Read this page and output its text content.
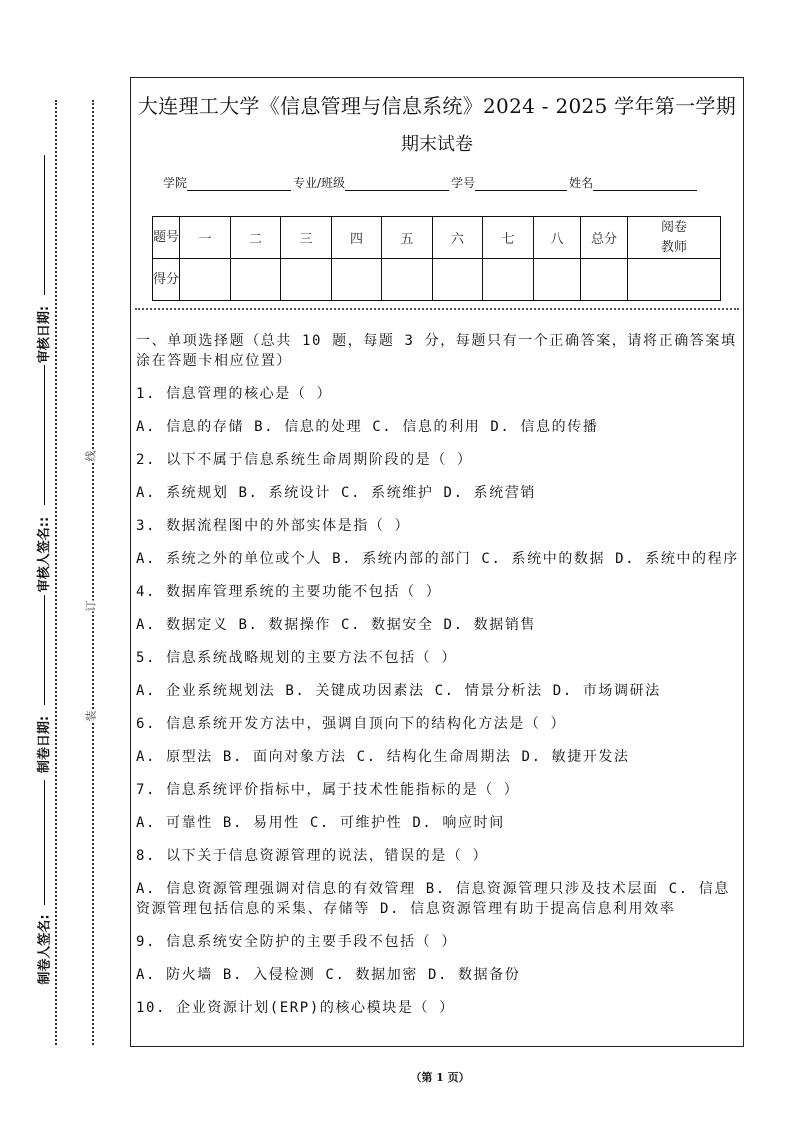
制卷人签名:
制卷日期:
审核人签名::
审核日期:
装
订
线
大连理工大学《信息管理与信息系统》2024 - 2025 学年第一学期
期末试卷
学院	专业/班级	学号	姓名
题号	一	二	三	四	五	六	七	八	总分	阅卷教师
得分										

一、单项选择题（总共 10 题，每题 3 分，每题只有一个正确答案，请将正确答案填涂在答题卡相应位置）

1. 信息管理的核心是（ ）

A. 信息的存储 B. 信息的处理 C. 信息的利用 D. 信息的传播

2. 以下不属于信息系统生命周期阶段的是（ ）

A. 系统规划 B. 系统设计 C. 系统维护 D. 系统营销

3. 数据流程图中的外部实体是指（ ）

A. 系统之外的单位或个人 B. 系统内部的部门 C. 系统中的数据 D. 系统中的程序

4. 数据库管理系统的主要功能不包括（ ）

A. 数据定义 B. 数据操作 C. 数据安全 D. 数据销售

5. 信息系统战略规划的主要方法不包括（ ）

A. 企业系统规划法 B. 关键成功因素法 C. 情景分析法 D. 市场调研法

6. 信息系统开发方法中，强调自顶向下的结构化方法是（ ）

A. 原型法 B. 面向对象方法 C. 结构化生命周期法 D. 敏捷开发法

7. 信息系统评价指标中，属于技术性能指标的是（ ）

A. 可靠性 B. 易用性 C. 可维护性 D. 响应时间

8. 以下关于信息资源管理的说法，错误的是（ ）

A. 信息资源管理强调对信息的有效管理 B. 信息资源管理只涉及技术层面 C. 信息资源管理包括信息的采集、存储等 D. 信息资源管理有助于提高信息利用效率

9. 信息系统安全防护的主要手段不包括（ ）

A. 防火墙 B. 入侵检测 C. 数据加密 D. 数据备份

10. 企业资源计划(ERP)的核心模块是（ ）

（第 1 页）
